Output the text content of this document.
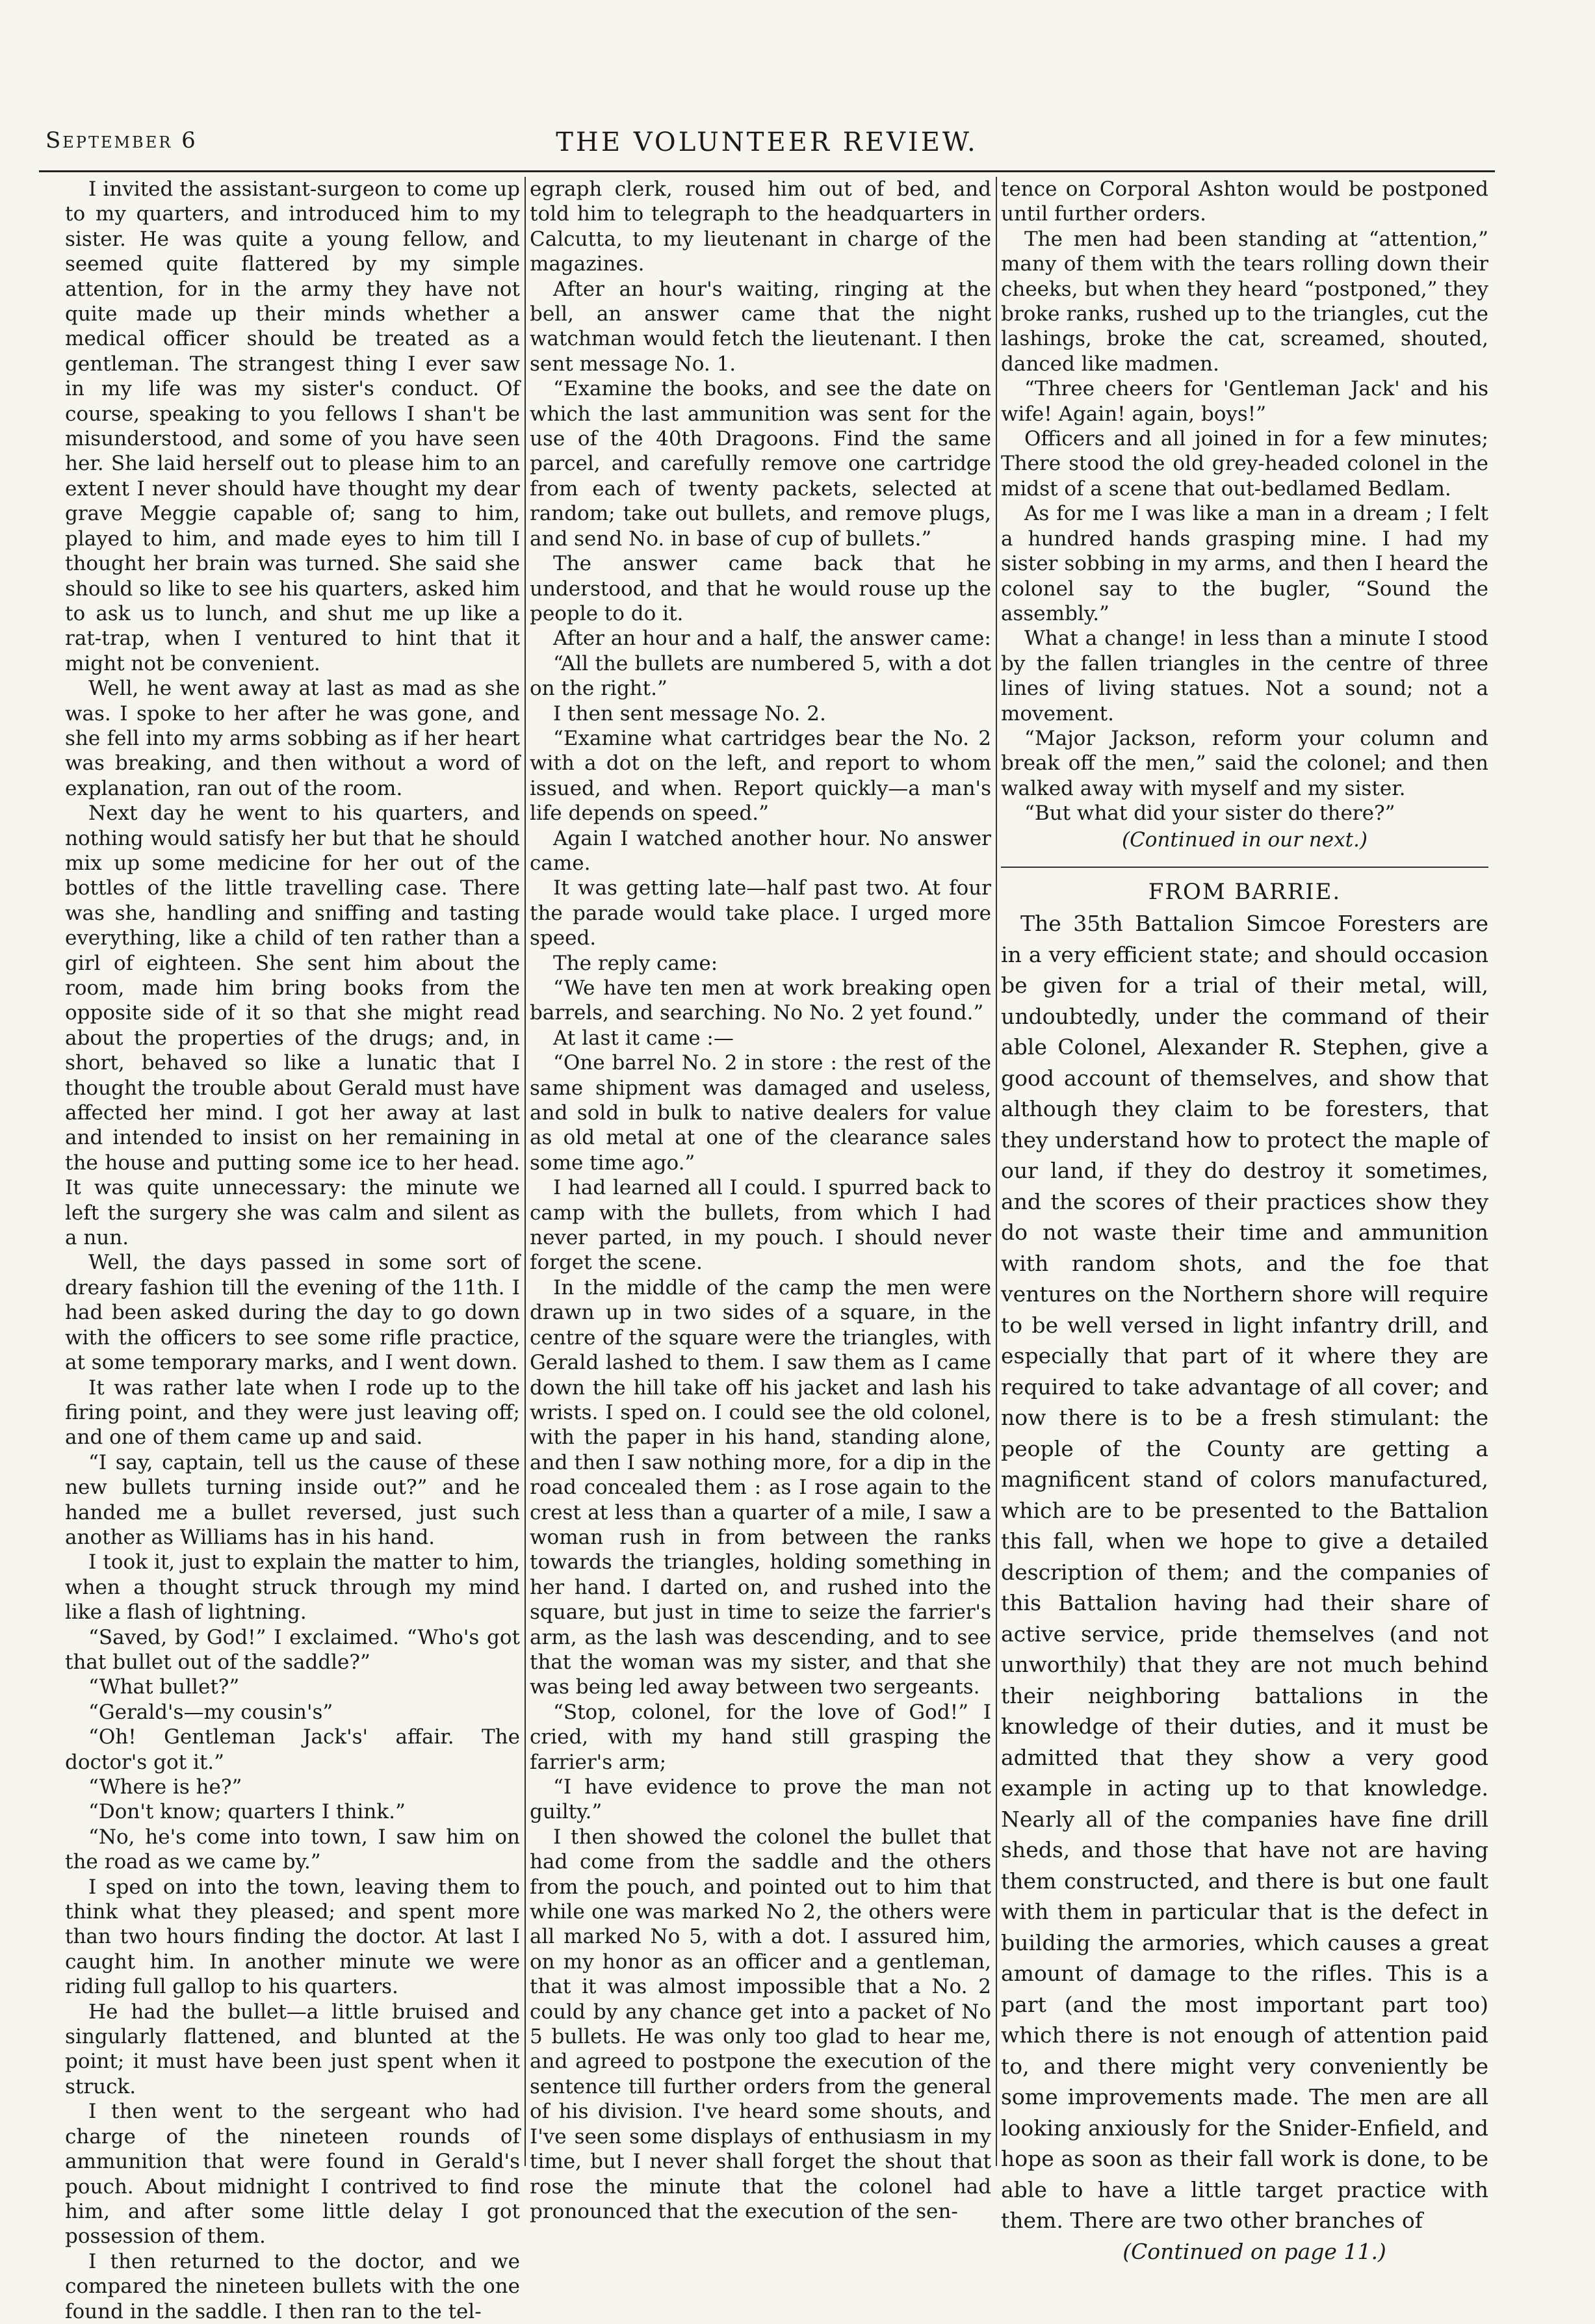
September 6	THE VOLUNTEER REVIEW.

I invited the assistant-surgeon to come up to my quarters, and introduced him to my sister. He was quite a young fellow, and seemed quite flattered by my simple attention, for in the army they have not quite made up their minds whether a medical officer should be treated as a gentleman. The strangest thing I ever saw in my life was my sister's conduct. Of course, speaking to you fellows I shan't be misunderstood, and some of you have seen her. She laid herself out to please him to an extent I never should have thought my dear grave Meggie capable of; sang to him, played to him, and made eyes to him till I thought her brain was turned. She said she should so like to see his quarters, asked him to ask us to lunch, and shut me up like a rat-trap, when I ventured to hint that it might not be convenient.

Well, he went away at last as mad as she was. I spoke to her after he was gone, and she fell into my arms sobbing as if her heart was breaking, and then without a word of explanation, ran out of the room.

Next day he went to his quarters, and nothing would satisfy her but that he should mix up some medicine for her out of the bottles of the little travelling case. There was she, handling and sniffing and tasting everything, like a child of ten rather than a girl of eighteen. She sent him about the room, made him bring books from the opposite side of it so that she might read about the properties of the drugs; and, in short, behaved so like a lunatic that I thought the trouble about Gerald must have affected her mind. I got her away at last and intended to insist on her remaining in the house and putting some ice to her head. It was quite unnecessary: the minute we left the surgery she was calm and silent as a nun.

Well, the days passed in some sort of dreary fashion till the evening of the 11th. I had been asked during the day to go down with the officers to see some rifle practice, at some temporary marks, and I went down.

It was rather late when I rode up to the firing point, and they were just leaving off; and one of them came up and said.

“I say, captain, tell us the cause of these new bullets turning inside out?” and he handed me a bullet reversed, just such another as Williams has in his hand.

I took it, just to explain the matter to him, when a thought struck through my mind like a flash of lightning.

“Saved, by God!” I exclaimed. “Who's got that bullet out of the saddle?”

“What bullet?”

“Gerald's—my cousin's”

“Oh! Gentleman Jack's' affair. The doctor's got it.”

“Where is he?”

“Don't know; quarters I think.”

“No, he's come into town, I saw him on the road as we came by.”

I sped on into the town, leaving them to think what they pleased; and spent more than two hours finding the doctor. At last I caught him. In another minute we were riding full gallop to his quarters.

He had the bullet—a little bruised and singularly flattened, and blunted at the point; it must have been just spent when it struck.

I then went to the sergeant who had charge of the nineteen rounds of ammunition that were found in Gerald's pouch. About midnight I contrived to find him, and after some little delay I got possession of them.

I then returned to the doctor, and we compared the nineteen bullets with the one found in the saddle. I then ran to the tel-

egraph clerk, roused him out of bed, and told him to telegraph to the headquarters in Calcutta, to my lieutenant in charge of the magazines.

After an hour's waiting, ringing at the bell, an answer came that the night watchman would fetch the lieutenant. I then sent message No. 1.

“Examine the books, and see the date on which the last ammunition was sent for the use of the 40th Dragoons. Find the same parcel, and carefully remove one cartridge from each of twenty packets, selected at random; take out bullets, and remove plugs, and send No. in base of cup of bullets.”

The answer came back that he understood, and that he would rouse up the people to do it.

After an hour and a half, the answer came:

“All the bullets are numbered 5, with a dot on the right.”

I then sent message No. 2.

“Examine what cartridges bear the No. 2 with a dot on the left, and report to whom issued, and when. Report quickly—a man's life depends on speed.”

Again I watched another hour. No answer came.

It was getting late—half past two. At four the parade would take place. I urged more speed.

The reply came:

“We have ten men at work breaking open barrels, and searching. No No. 2 yet found.”

At last it came :—

“One barrel No. 2 in store : the rest of the same shipment was damaged and useless, and sold in bulk to native dealers for value as old metal at one of the clearance sales some time ago.”

I had learned all I could. I spurred back to camp with the bullets, from which I had never parted, in my pouch. I should never forget the scene.

In the middle of the camp the men were drawn up in two sides of a square, in the centre of the square were the triangles, with Gerald lashed to them. I saw them as I came down the hill take off his jacket and lash his wrists. I sped on. I could see the old colonel, with the paper in his hand, standing alone, and then I saw nothing more, for a dip in the road concealed them : as I rose again to the crest at less than a quarter of a mile, I saw a woman rush in from between the ranks towards the triangles, holding something in her hand. I darted on, and rushed into the square, but just in time to seize the farrier's arm, as the lash was descending, and to see that the woman was my sister, and that she was being led away between two sergeants.

“Stop, colonel, for the love of God!” I cried, with my hand still grasping the farrier's arm;

“I have evidence to prove the man not guilty.”

I then showed the colonel the bullet that had come from the saddle and the others from the pouch, and pointed out to him that while one was marked No 2, the others were all marked No 5, with a dot. I assured him, on my honor as an officer and a gentleman, that it was almost impossible that a No. 2 could by any chance get into a packet of No 5 bullets. He was only too glad to hear me, and agreed to postpone the execution of the sentence till further orders from the general of his division. I've heard some shouts, and I've seen some displays of enthusiasm in my time, but I never shall forget the shout that rose the minute that the colonel had pronounced that the execution of the sen-

tence on Corporal Ashton would be postponed until further orders.

The men had been standing at “attention,” many of them with the tears rolling down their cheeks, but when they heard “postponed,” they broke ranks, rushed up to the triangles, cut the lashings, broke the cat, screamed, shouted, danced like madmen.

“Three cheers for 'Gentleman Jack' and his wife! Again! again, boys!”

Officers and all joined in for a few minutes; There stood the old grey-headed colonel in the midst of a scene that out-bedlamed Bedlam.

As for me I was like a man in a dream ; I felt a hundred hands grasping mine. I had my sister sobbing in my arms, and then I heard the colonel say to the bugler, “Sound the assembly.”

What a change! in less than a minute I stood by the fallen triangles in the centre of three lines of living statues. Not a sound; not a movement.

“Major Jackson, reform your column and break off the men,” said the colonel; and then walked away with myself and my sister.

“But what did your sister do there?”

(Continued in our next.)

FROM BARRIE.

The 35th Battalion Simcoe Foresters are in a very efficient state; and should occasion be given for a trial of their metal, will, undoubtedly, under the command of their able Colonel, Alexander R. Stephen, give a good account of themselves, and show that although they claim to be foresters, that they understand how to protect the maple of our land, if they do destroy it sometimes, and the scores of their practices show they do not waste their time and ammunition with random shots, and the foe that ventures on the Northern shore will require to be well versed in light infantry drill, and especially that part of it where they are required to take advantage of all cover; and now there is to be a fresh stimulant: the people of the County are getting a magnificent stand of colors manufactured, which are to be presented to the Battalion this fall, when we hope to give a detailed description of them; and the companies of this Battalion having had their share of active service, pride themselves (and not unworthily) that they are not much behind their neighboring battalions in the knowledge of their duties, and it must be admitted that they show a very good example in acting up to that knowledge. Nearly all of the companies have fine drill sheds, and those that have not are having them constructed, and there is but one fault with them in particular that is the defect in building the armories, which causes a great amount of damage to the rifles. This is a part (and the most important part too) which there is not enough of attention paid to, and there might very conveniently be some improvements made. The men are all looking anxiously for the Snider-Enfield, and hope as soon as their fall work is done, to be able to have a little target practice with them. There are two other branches of

(Continued on page 11.)
